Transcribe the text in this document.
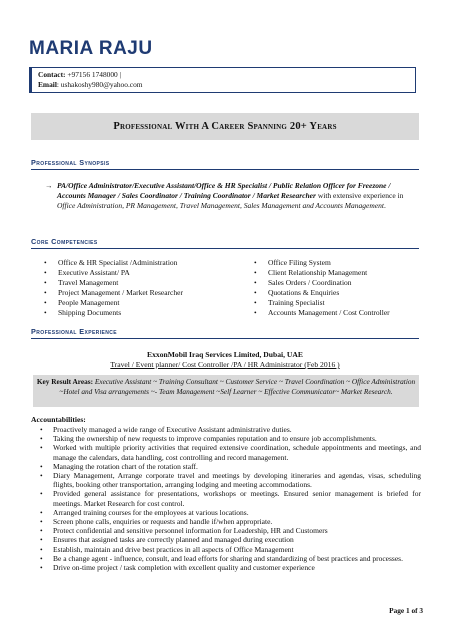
MARIA RAJU
Contact: +97156 1748000 |
Email: ushakoshy980@yahoo.com
Professional With A Career Spanning 20+ Years
Professional Synopsis
→ PA/Office Administrator/Executive Assistant/Office & HR Specialist / Public Relation Officer for Freezone / Accounts Manager / Sales Coordinator / Training Coordinator / Market Researcher with extensive experience in Office Administration, PR Management, Travel Management, Sales Management and Accounts Management.
Core Competencies
• Office & HR Specialist /Administration
• Executive Assistant/ PA
• Travel Management
• Project Management / Market Researcher
• People Management
• Shipping Documents
• Office Filing System
• Client Relationship Management
• Sales Orders / Coordination
• Quotations & Enquiries
• Training Specialist
• Accounts Management / Cost Controller
Professional Experience
ExxonMobil Iraq Services Limited, Dubai, UAE
Travel / Event planner/ Cost Controller /PA / HR Administrator (Feb 2016 )
Key Result Areas: Executive Assistant ~ Training Consultant ~ Customer Service ~ Travel Coordination ~ Office Administration ~Hotel and Visa arrangements ~- Team Management ~Self Learner ~ Effective Communicator~ Market Research.
Accountabilities:
• Proactively managed a wide range of Executive Assistant administrative duties.
• Taking the ownership of new requests to improve companies reputation and to ensure job accomplishments.
• Worked with multiple priority activities that required extensive coordination, schedule appointments and meetings, and manage the calendars, data handling, cost controlling and record management.
• Managing the rotation chart of the rotation staff.
• Diary Management, Arrange corporate travel and meetings by developing itineraries and agendas, visas, scheduling flights, booking other transportation, arranging lodging and meeting accommodations.
• Provided general assistance for presentations, workshops or meetings. Ensured senior management is briefed for meetings. Market Research for cost control.
• Arranged training courses for the employees at various locations.
• Screen phone calls, enquiries or requests and handle if/when appropriate.
• Protect confidential and sensitive personnel information for Leadership, HR and Customers
• Ensures that assigned tasks are correctly planned and managed during execution
• Establish, maintain and drive best practices in all aspects of Office Management
• Be a change agent - influence, consult, and lead efforts for sharing and standardizing of best practices and processes.
• Drive on-time project / task completion with excellent quality and customer experience
Page 1 of 3
